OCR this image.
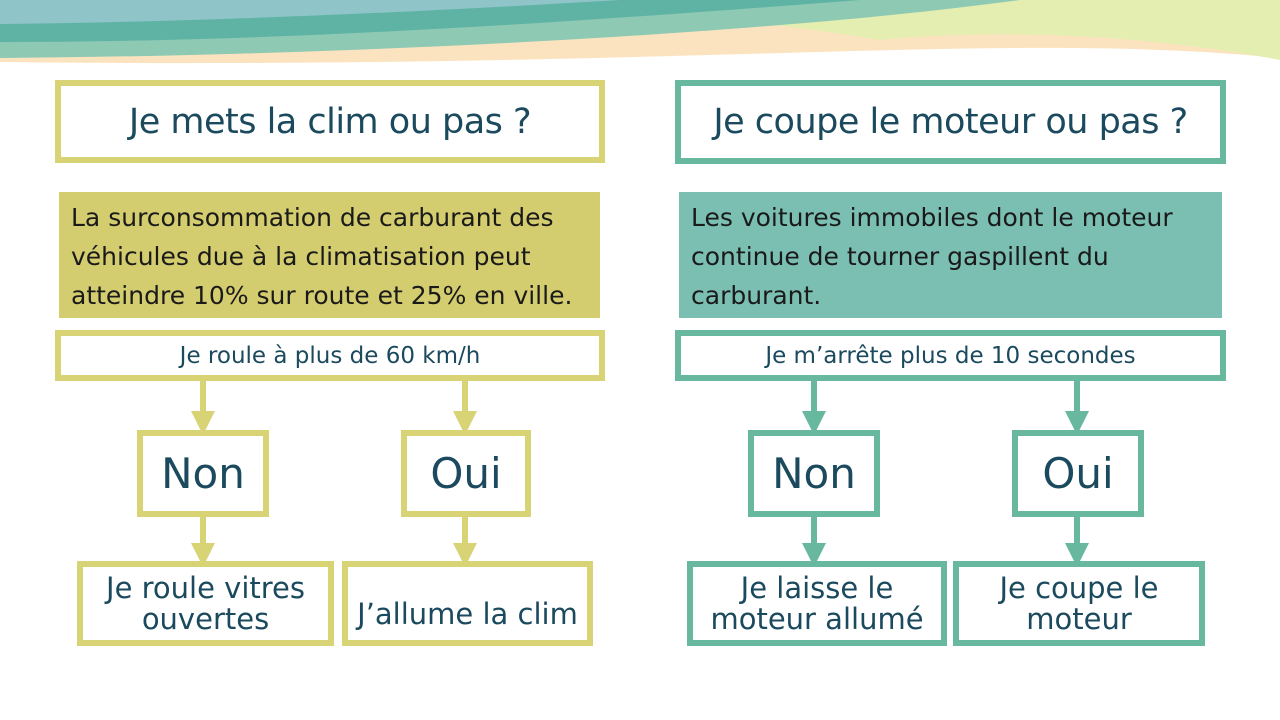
Je mets la clim ou pas ?
La surconsommation de carburant des véhicules due à la climatisation peut atteindre 10% sur route et 25% en ville.
Je roule à plus de 60 km/h
Non	Oui
Je roule vitres ouvertes	J’allume la clim
Je coupe le moteur ou pas ?
Les voitures immobiles dont le moteur continue de tourner gaspillent du carburant.
Je m’arrête plus de 10 secondes
Non	Oui
Je laisse le moteur allumé
Je coupe le moteur
